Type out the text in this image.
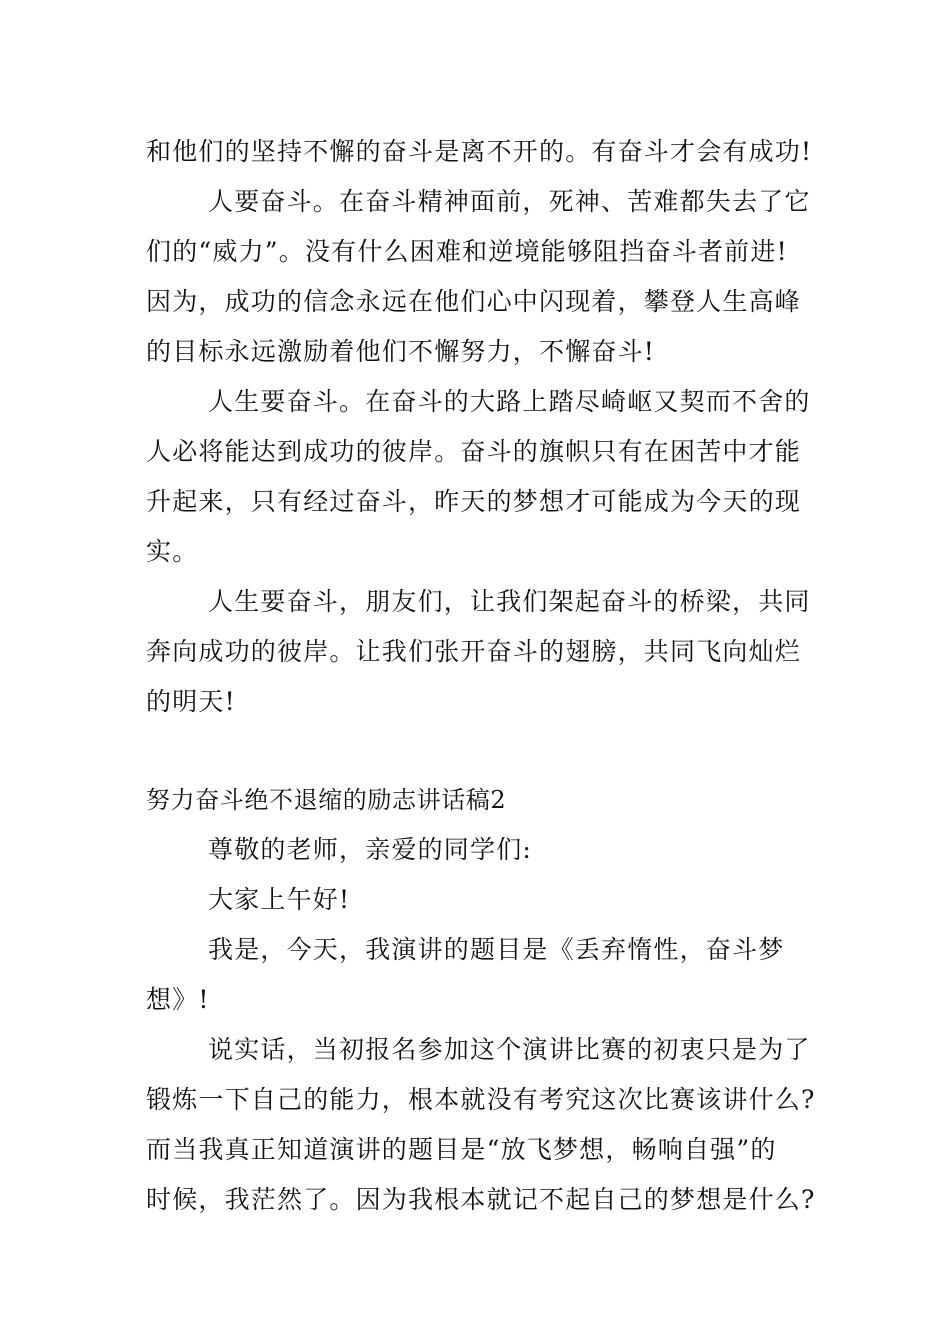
和他们的坚持不懈的奋斗是离不开的。有奋斗才会有成功!
人要奋斗。在奋斗精神面前，死神、苦难都失去了它
们的“威力”。没有什么困难和逆境能够阻挡奋斗者前进!
因为，成功的信念永远在他们心中闪现着，攀登人生高峰
的目标永远激励着他们不懈努力，不懈奋斗!
人生要奋斗。在奋斗的大路上踏尽崎岖又契而不舍的
人必将能达到成功的彼岸。奋斗的旗帜只有在困苦中才能
升起来，只有经过奋斗，昨天的梦想才可能成为今天的现
实。
人生要奋斗，朋友们，让我们架起奋斗的桥梁，共同
奔向成功的彼岸。让我们张开奋斗的翅膀，共同飞向灿烂
的明天!
努力奋斗绝不退缩的励志讲话稿2
尊敬的老师，亲爱的同学们:
大家上午好!
我是，今天，我演讲的题目是《丢弃惰性，奋斗梦
想》!
说实话，当初报名参加这个演讲比赛的初衷只是为了
锻炼一下自己的能力，根本就没有考究这次比赛该讲什么?
而当我真正知道演讲的题目是“放飞梦想，畅响自强”的
时候，我茫然了。因为我根本就记不起自己的梦想是什么?
